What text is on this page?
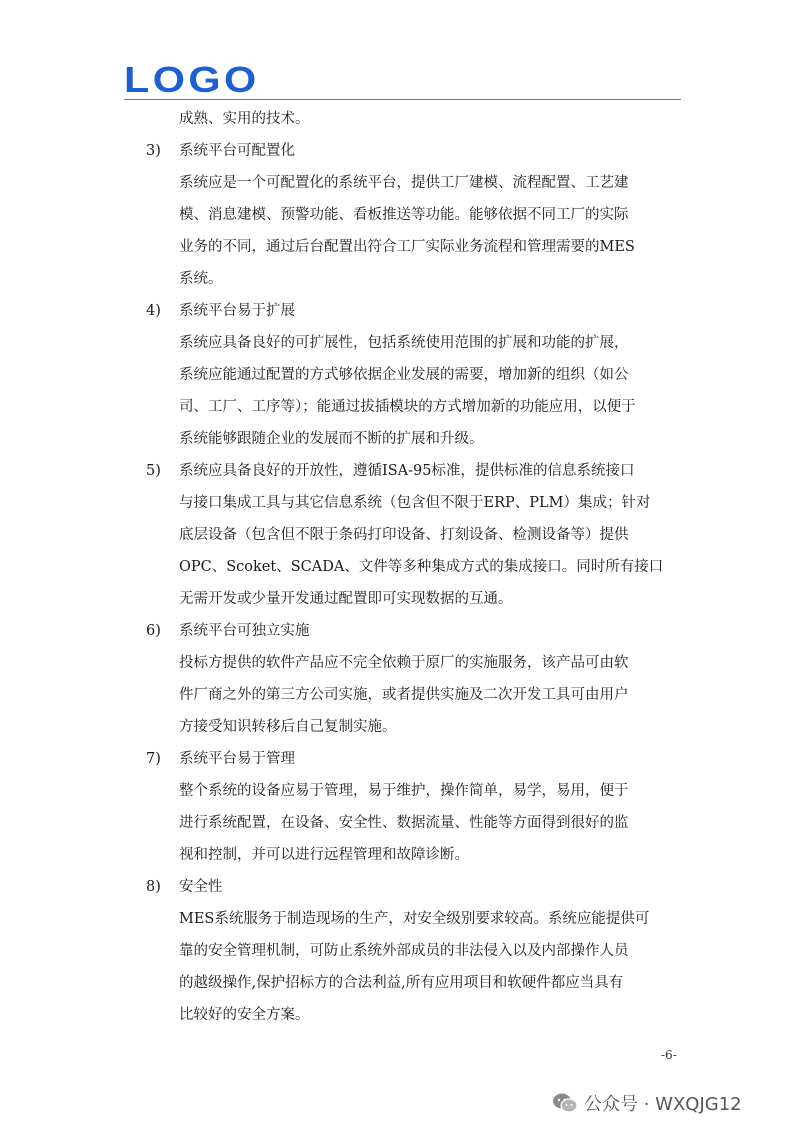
LOGO
成熟、实用的技术。
3) 系统平台可配置化
系统应是一个可配置化的系统平台，提供工厂建模、流程配置、工艺建
模、消息建模、预警功能、看板推送等功能。能够依据不同工厂的实际
业务的不同，通过后台配置出符合工厂实际业务流程和管理需要的MES
系统。
4) 系统平台易于扩展
系统应具备良好的可扩展性，包括系统使用范围的扩展和功能的扩展，
系统应能通过配置的方式够依据企业发展的需要，增加新的组织（如公
司、工厂、工序等）；能通过拔插模块的方式增加新的功能应用，以便于
系统能够跟随企业的发展而不断的扩展和升级。
5) 系统应具备良好的开放性，遵循ISA-95标准，提供标准的信息系统接口
与接口集成工具与其它信息系统（包含但不限于ERP、PLM）集成；针对
底层设备（包含但不限于条码打印设备、打刻设备、检测设备等）提供
OPC、Scoket、SCADA、文件等多种集成方式的集成接口。同时所有接口
无需开发或少量开发通过配置即可实现数据的互通。
6) 系统平台可独立实施
投标方提供的软件产品应不完全依赖于原厂的实施服务，该产品可由软
件厂商之外的第三方公司实施，或者提供实施及二次开发工具可由用户
方接受知识转移后自己复制实施。
7) 系统平台易于管理
整个系统的设备应易于管理，易于维护，操作简单，易学，易用，便于
进行系统配置，在设备、安全性、数据流量、性能等方面得到很好的监
视和控制，并可以进行远程管理和故障诊断。
8) 安全性
MES系统服务于制造现场的生产，对安全级别要求较高。系统应能提供可
靠的安全管理机制，可防止系统外部成员的非法侵入以及内部操作人员
的越级操作,保护招标方的合法利益,所有应用项目和软硬件都应当具有
比较好的安全方案。
-6-
公众号 · WXQJG12
